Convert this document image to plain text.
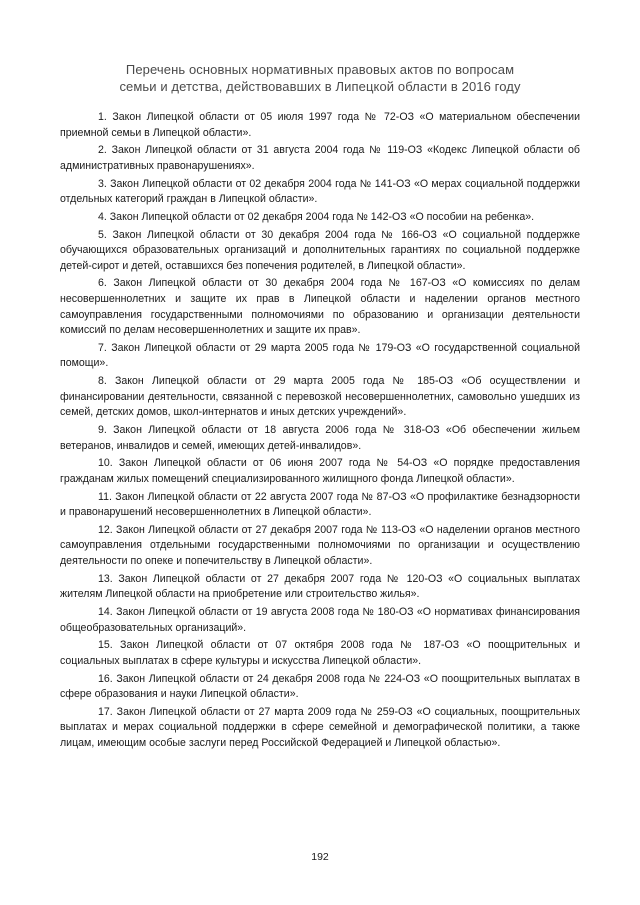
Перечень основных нормативных правовых актов по вопросам
семьи и детства, действовавших в Липецкой области в 2016 году

1. Закон Липецкой области от 05 июля 1997 года № 72-ОЗ «О материальном обеспечении приемной семьи в Липецкой области».

2. Закон Липецкой области от 31 августа 2004 года № 119-ОЗ «Кодекс Липецкой области об административных правонарушениях».

3. Закон Липецкой области от 02 декабря 2004 года № 141-ОЗ «О мерах социальной поддержки отдельных категорий граждан в Липецкой области».

4. Закон Липецкой области от 02 декабря 2004 года № 142-ОЗ «О пособии на ребенка».

5. Закон Липецкой области от 30 декабря 2004 года № 166-ОЗ «О социальной поддержке обучающихся образовательных организаций и дополнительных гарантиях по социальной поддержке детей-сирот и детей, оставшихся без попечения родителей, в Липецкой области».

6. Закон Липецкой области от 30 декабря 2004 года № 167-ОЗ «О комиссиях по делам несовершеннолетних и защите их прав в Липецкой области и наделении органов местного самоуправления государственными полномочиями по образованию и организации деятельности комиссий по делам несовершеннолетних и защите их прав».

7. Закон Липецкой области от 29 марта 2005 года № 179-ОЗ «О государственной социальной помощи».

8. Закон Липецкой области от 29 марта 2005 года № 185-ОЗ «Об осуществлении и финансировании деятельности, связанной с перевозкой несовершеннолетних, самовольно ушедших из семей, детских домов, школ-интернатов и иных детских учреждений».

9. Закон Липецкой области от 18 августа 2006 года № 318-ОЗ «Об обеспечении жильем ветеранов, инвалидов и семей, имеющих детей-инвалидов».

10. Закон Липецкой области от 06 июня 2007 года № 54-ОЗ «О порядке предоставления гражданам жилых помещений специализированного жилищного фонда Липецкой области».

11. Закон Липецкой области от 22 августа 2007 года № 87-ОЗ «О профилактике безнадзорности и правонарушений несовершеннолетних в Липецкой области».

12. Закон Липецкой области от 27 декабря 2007 года № 113-ОЗ «О наделении органов местного самоуправления отдельными государственными полномочиями по организации и осуществлению деятельности по опеке и попечительству в Липецкой области».

13. Закон Липецкой области от 27 декабря 2007 года № 120-ОЗ «О социальных выплатах жителям Липецкой области на приобретение или строительство жилья».

14. Закон Липецкой области от 19 августа 2008 года № 180-ОЗ «О нормативах финансирования общеобразовательных организаций».

15. Закон Липецкой области от 07 октября 2008 года № 187-ОЗ «О поощрительных и социальных выплатах в сфере культуры и искусства Липецкой области».

16. Закон Липецкой области от 24 декабря 2008 года № 224-ОЗ «О поощрительных выплатах в сфере образования и науки Липецкой области».

17. Закон Липецкой области от 27 марта 2009 года № 259-ОЗ «О социальных, поощрительных выплатах и мерах социальной поддержки в сфере семейной и демографической политики, а также лицам, имеющим особые заслуги перед Российской Федерацией и Липецкой областью».

192
